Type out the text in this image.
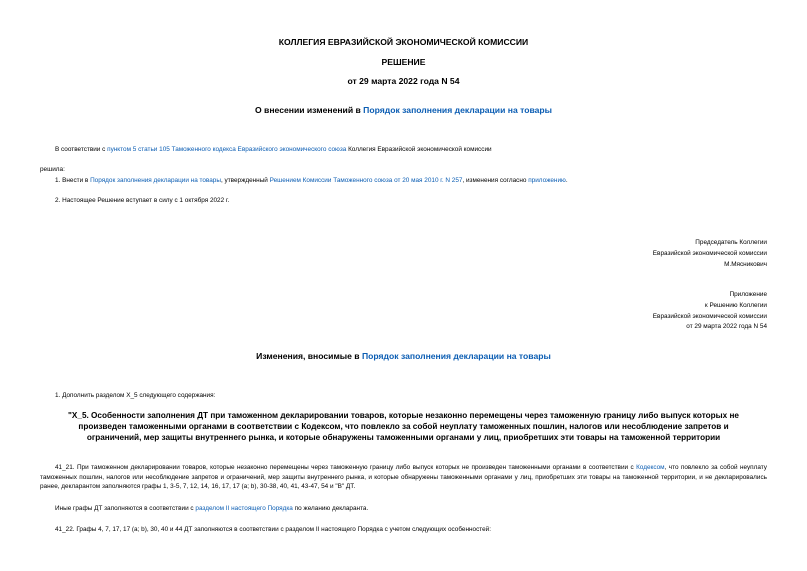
КОЛЛЕГИЯ ЕВРАЗИЙСКОЙ ЭКОНОМИЧЕСКОЙ КОМИССИИ
РЕШЕНИЕ
от 29 марта 2022 года N 54
О внесении изменений в Порядок заполнения декларации на товары
В соответствии с пунктом 5 статьи 105 Таможенного кодекса Евразийского экономического союза Коллегия Евразийской экономической комиссии
решила:
1. Внести в Порядок заполнения декларации на товары, утвержденный Решением Комиссии Таможенного союза от 20 мая 2010 г. N 257, изменения согласно приложению.
2. Настоящее Решение вступает в силу с 1 октября 2022 г.
Председатель Коллегии
Евразийской экономической комиссии
М.Мясникович
Приложение
к Решению Коллегии
Евразийской экономической комиссии
от 29 марта 2022 года N 54
Изменения, вносимые в Порядок заполнения декларации на товары
1. Дополнить разделом X_5 следующего содержания:
"X_5. Особенности заполнения ДТ при таможенном декларировании товаров, которые незаконно перемещены через таможенную границу либо выпуск которых не
произведен таможенными органами в соответствии с Кодексом, что повлекло за собой неуплату таможенных пошлин, налогов или несоблюдение запретов и
ограничений, мер защиты внутреннего рынка, и которые обнаружены таможенными органами у лиц, приобретших эти товары на таможенной территории
41_21. При таможенном декларировании товаров, которые незаконно перемещены через таможенную границу либо выпуск которых не произведен таможенными органами в соответствии с Кодексом, что повлекло за собой неуплату таможенных пошлин, налогов или несоблюдение запретов и ограничений, мер защиты внутреннего рынка, и которые обнаружены таможенными органами у лиц, приобретших эти товары на таможенной территории, и не декларировались ранее, декларантом заполняются графы 1, 3-5, 7, 12, 14, 16, 17, 17 (a; b), 30-38, 40, 41, 43-47, 54 и "В" ДТ.
Иные графы ДТ заполняются в соответствии с разделом II настоящего Порядка по желанию декларанта.
41_22. Графы 4, 7, 17, 17 (a; b), 30, 40 и 44 ДТ заполняются в соответствии с разделом II настоящего Порядка с учетом следующих особенностей:
